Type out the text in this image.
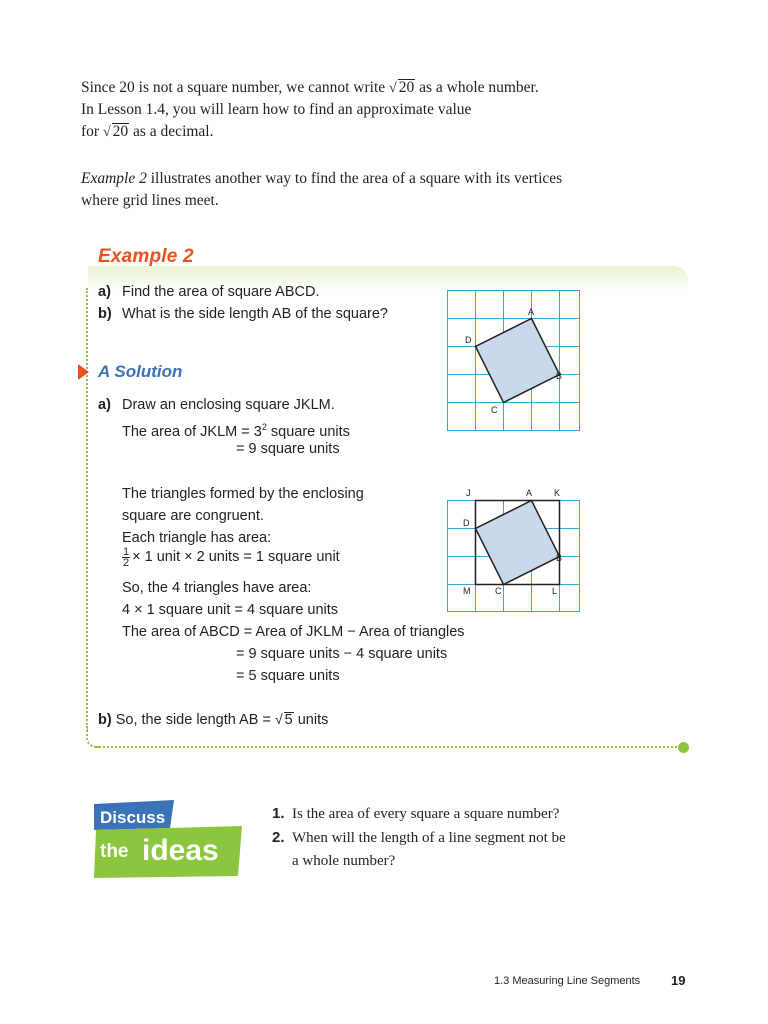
Since 20 is not a square number, we cannot write √ 20 as a whole number.
In Lesson 1.4, you will learn how to find an approximate value
for √ 20 as a decimal.
Example 2 illustrates another way to find the area of a square with its vertices
where grid lines meet.
Example 2
a) Find the area of square ABCD.
b) What is the side length AB of the square?
A Solution
a) Draw an enclosing square JKLM.
The area of JKLM = $3^2$ square units
= 9 square units
The triangles formed by the enclosing
square are congruent.
Each triangle has area:
$\frac{1}{2} \times 1$ unit × 2 units = 1 square unit
So, the 4 triangles have area:
4 × 1 square unit = 4 square units
The area of ABCD = Area of JKLM − Area of triangles
= 9 square units − 4 square units
= 5 square units
b) So, the side length AB = √ 5 units
A
B
C
D
J	A K
D
B
M	C	L
Discuss
the ideas
1. Is the area of every square a square number?
2. When will the length of a line segment not be
a whole number?
1.3 Measuring Line Segments 19
